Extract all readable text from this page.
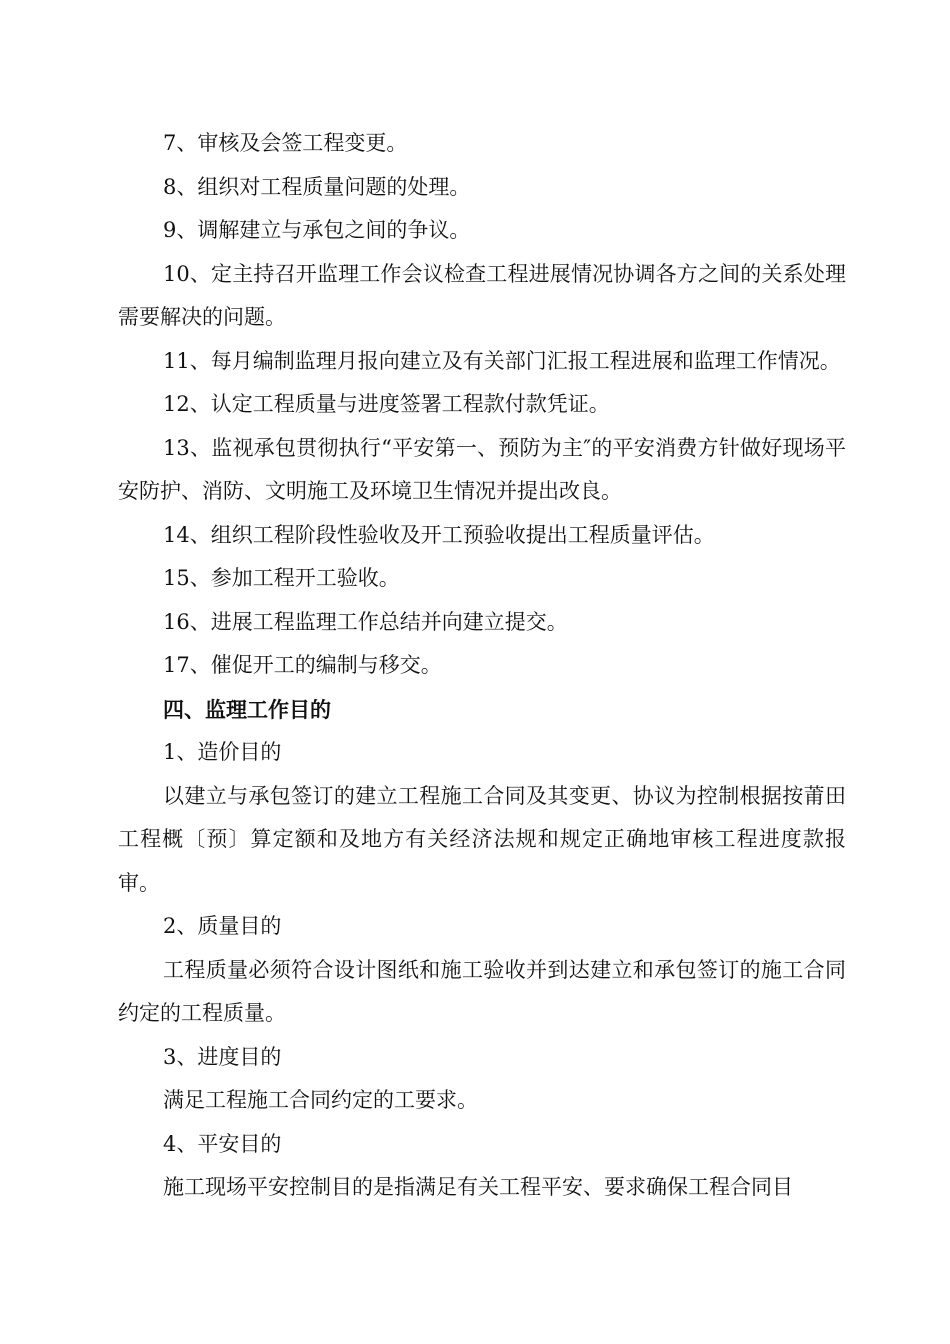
7、审核及会签工程变更。

8、组织对工程质量问题的处理。

9、调解建立与承包之间的争议。

10、定主持召开监理工作会议检查工程进展情况协调各方之间的关系处理需要解决的问题。

11、每月编制监理月报向建立及有关部门汇报工程进展和监理工作情况。

12、认定工程质量与进度签署工程款付款凭证。

13、监视承包贯彻执行“平安第一、预防为主″的平安消费方针做好现场平安防护、消防、文明施工及环境卫生情况并提出改良。

14、组织工程阶段性验收及开工预验收提出工程质量评估。

15、参加工程开工验收。

16、进展工程监理工作总结并向建立提交。

17、催促开工的编制与移交。

四、监理工作目的

1、造价目的

以建立与承包签订的建立工程施工合同及其变更、协议为控制根据按莆田工程概〔预〕算定额和及地方有关经济法规和规定正确地审核工程进度款报审。

2、质量目的

工程质量必须符合设计图纸和施工验收并到达建立和承包签订的施工合同约定的工程质量。

3、进度目的

满足工程施工合同约定的工要求。

4、平安目的

施工现场平安控制目的是指满足有关工程平安、要求确保工程合同目
